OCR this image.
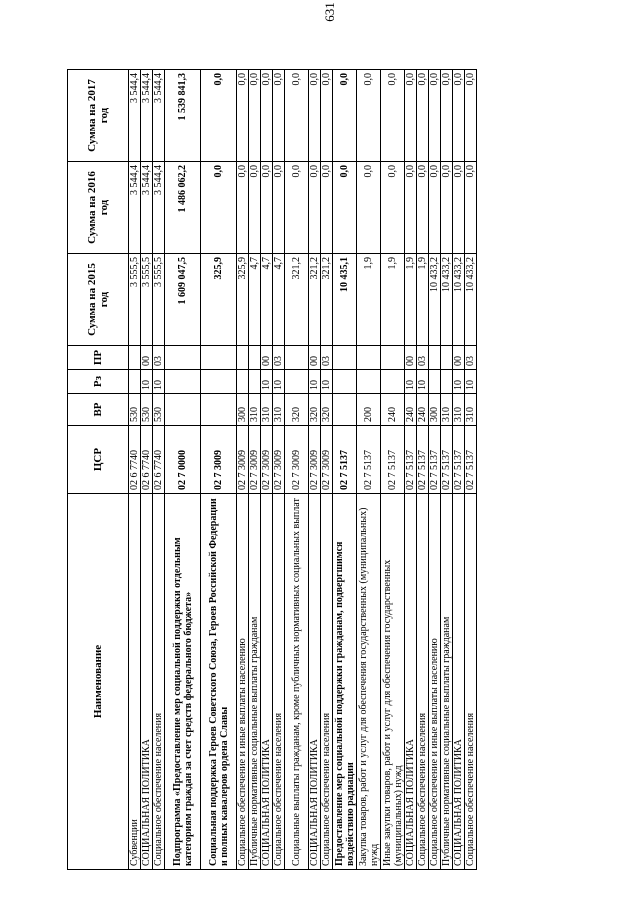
631
Наименование	ЦСР	ВР	Рз	ПР	Сумма на 2015 год	Сумма на 2016 год	Сумма на 2017 год
Субвенции	02 6 7740	530			3 555,5	3 544,4	3 544,4
СОЦИАЛЬНАЯ ПОЛИТИКА	02 6 7740	530	10	00	3 555,5	3 544,4	3 544,4
Социальное обеспечение населения	02 6 7740	530	10	03	3 555,5	3 544,4	3 544,4
Подпрограмма «Предоставление мер социальной поддержки отдельным категориям граждан за счет средств федерального бюджета»	02 7 0000				1 609 047,5	1 486 062,2	1 539 841,3
Социальная поддержка Героев Советского Союза, Героев Российской Федерации и полных кавалеров ордена Славы	02 7 3009				325,9	0,0	0,0
Социальное обеспечение и иные выплаты населению	02 7 3009	300			325,9	0,0	0,0
Публичные нормативные социальные выплаты гражданам	02 7 3009	310			4,7	0,0	0,0
СОЦИАЛЬНАЯ ПОЛИТИКА	02 7 3009	310	10	00	4,7	0,0	0,0
Социальное обеспечение населения	02 7 3009	310	10	03	4,7	0,0	0,0
Социальные выплаты гражданам, кроме публичных нормативных социальных выплат	02 7 3009	320			321,2	0,0	0,0
СОЦИАЛЬНАЯ ПОЛИТИКА	02 7 3009	320	10	00	321,2	0,0	0,0
Социальное обеспечение населения	02 7 3009	320	10	03	321,2	0,0	0,0
Предоставление мер социальной поддержки гражданам, подвергшимся воздействию радиации	02 7 5137				10 435,1	0,0	0,0
Закупка товаров, работ и услуг для обеспечения государственных (муниципальных) нужд	02 7 5137	200			1,9	0,0	0,0
Иные закупки товаров, работ и услуг для обеспечения государственных (муниципальных) нужд	02 7 5137	240			1,9	0,0	0,0
СОЦИАЛЬНАЯ ПОЛИТИКА	02 7 5137	240	10	00	1,9	0,0	0,0
Социальное обеспечение населения	02 7 5137	240	10	03	1,9	0,0	0,0
Социальное обеспечение и иные выплаты населению	02 7 5137	300			10 433,2	0,0	0,0
Публичные нормативные социальные выплаты гражданам	02 7 5137	310			10 433,2	0,0	0,0
СОЦИАЛЬНАЯ ПОЛИТИКА	02 7 5137	310	10	00	10 433,2	0,0	0,0
Социальное обеспечение населения	02 7 5137	310	10	03	10 433,2	0,0	0,0
